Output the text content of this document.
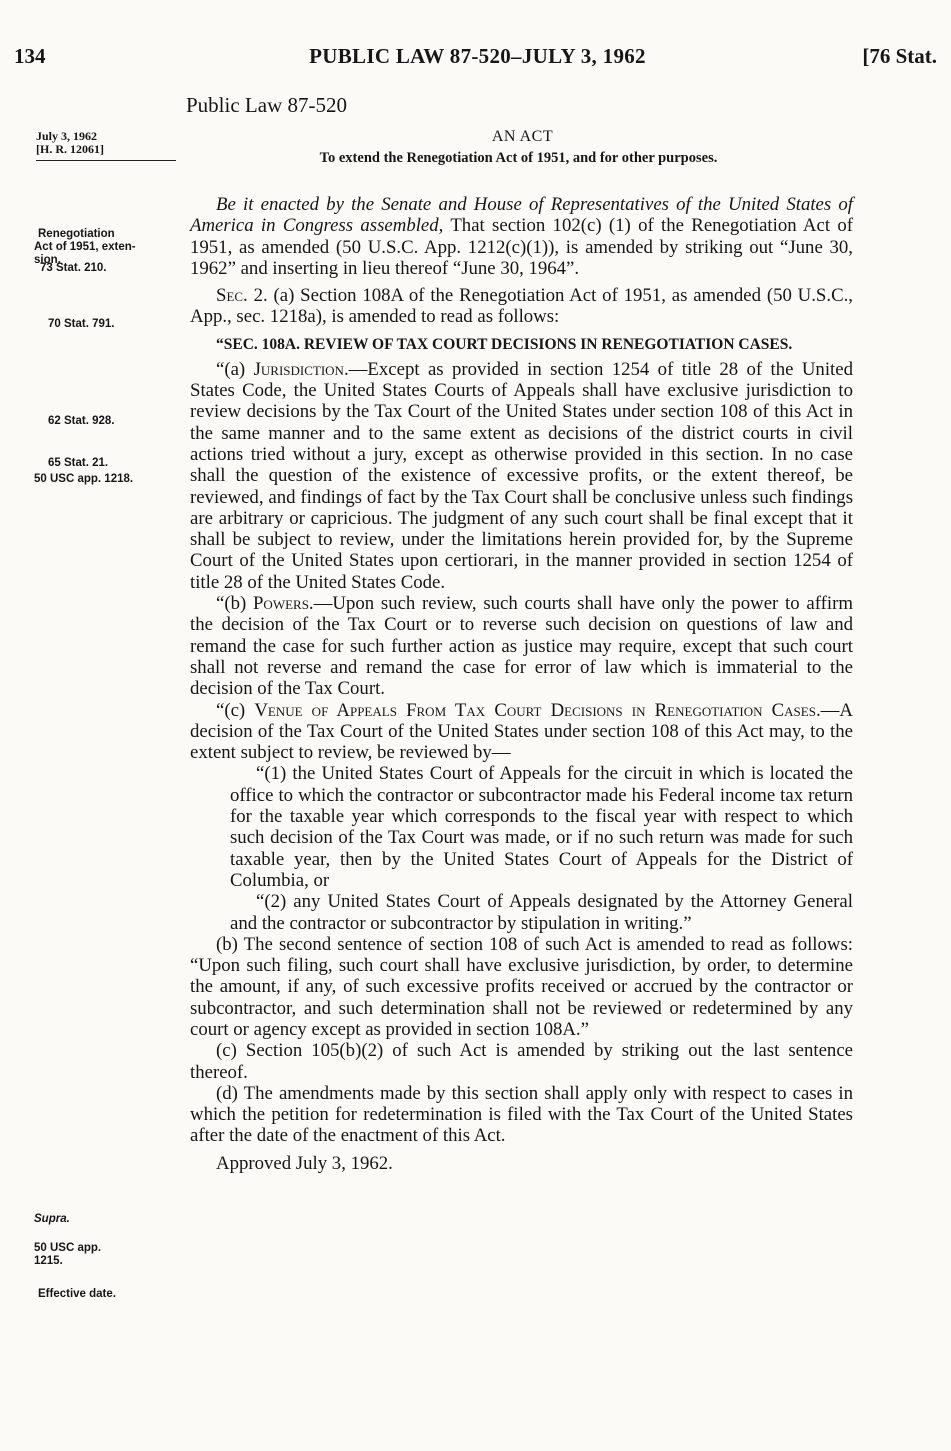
134	PUBLIC LAW 87-520–JULY 3, 1962	[76 Stat.
Public Law 87-520
July 3, 1962
[H. R. 12061]
AN ACT
To extend the Renegotiation Act of 1951, and for other purposes.
Renegotiation
Act of 1951, exten-
sion.
73 Stat. 210.
70 Stat. 791.
62 Stat. 928.
65 Stat. 21.
50 USC app. 1218.
Supra.
50 USC app.
1215.
Effective date.

Be it enacted by the Senate and House of Representatives of the United States of America in Congress assembled, That section 102(c) (1) of the Renegotiation Act of 1951, as amended (50 U.S.C. App. 1212(c)(1)), is amended by striking out “June 30, 1962” and inserting in lieu thereof “June 30, 1964”.

Sec. 2. (a) Section 108A of the Renegotiation Act of 1951, as amended (50 U.S.C., App., sec. 1218a), is amended to read as follows:

“SEC. 108A. REVIEW OF TAX COURT DECISIONS IN RENEGOTIATION CASES.

“(a) Jurisdiction.—Except as provided in section 1254 of title 28 of the United States Code, the United States Courts of Appeals shall have exclusive jurisdiction to review decisions by the Tax Court of the United States under section 108 of this Act in the same manner and to the same extent as decisions of the district courts in civil actions tried without a jury, except as otherwise provided in this section. In no case shall the question of the existence of excessive profits, or the extent thereof, be reviewed, and findings of fact by the Tax Court shall be conclusive unless such findings are arbitrary or capricious. The judgment of any such court shall be final except that it shall be subject to review, under the limitations herein provided for, by the Supreme Court of the United States upon certiorari, in the manner provided in section 1254 of title 28 of the United States Code.

“(b) Powers.—Upon such review, such courts shall have only the power to affirm the decision of the Tax Court or to reverse such decision on questions of law and remand the case for such further action as justice may require, except that such court shall not reverse and remand the case for error of law which is immaterial to the decision of the Tax Court.

“(c) Venue of Appeals From Tax Court Decisions in Renegotiation Cases.—A decision of the Tax Court of the United States under section 108 of this Act may, to the extent subject to review, be reviewed by—

“(1) the United States Court of Appeals for the circuit in which is located the office to which the contractor or subcontractor made his Federal income tax return for the taxable year which corresponds to the fiscal year with respect to which such decision of the Tax Court was made, or if no such return was made for such taxable year, then by the United States Court of Appeals for the District of Columbia, or

“(2) any United States Court of Appeals designated by the Attorney General and the contractor or subcontractor by stipulation in writing.”

(b) The second sentence of section 108 of such Act is amended to read as follows: “Upon such filing, such court shall have exclusive jurisdiction, by order, to determine the amount, if any, of such excessive profits received or accrued by the contractor or subcontractor, and such determination shall not be reviewed or redetermined by any court or agency except as provided in section 108A.”

(c) Section 105(b)(2) of such Act is amended by striking out the last sentence thereof.

(d) The amendments made by this section shall apply only with respect to cases in which the petition for redetermination is filed with the Tax Court of the United States after the date of the enactment of this Act.

Approved July 3, 1962.
